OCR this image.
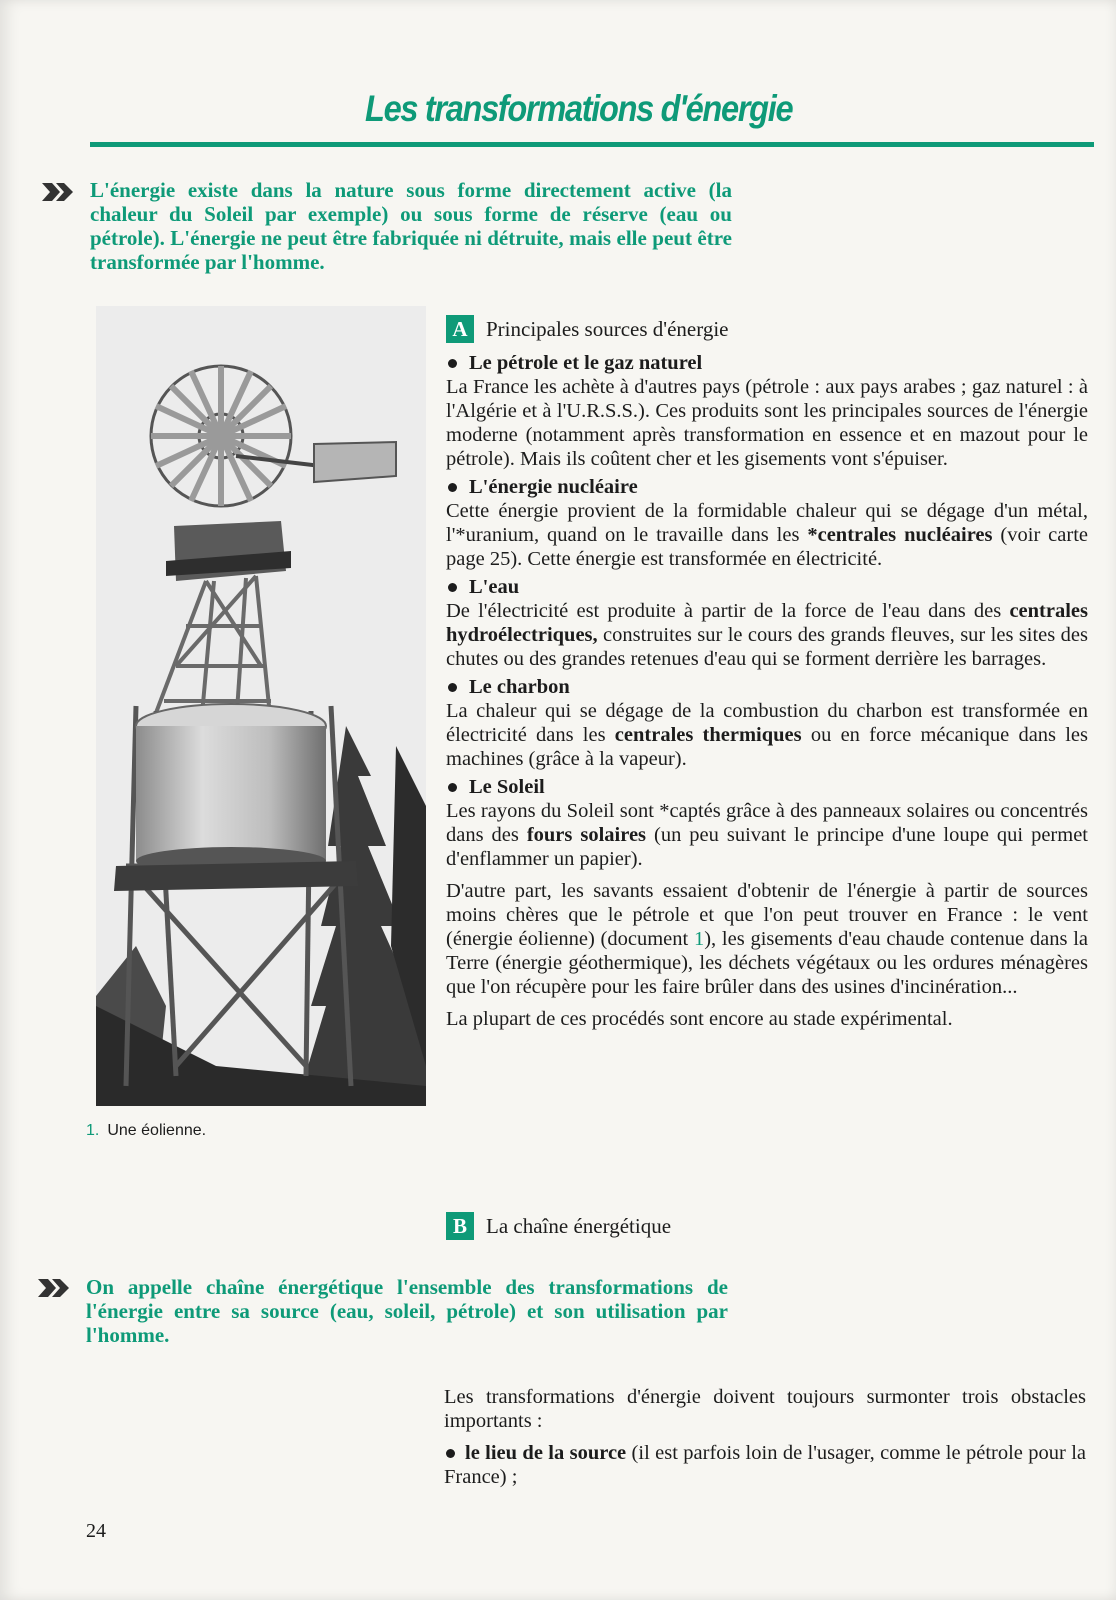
Les transformations d'énergie

L'énergie existe dans la nature sous forme directement active (la chaleur du Soleil par exemple) ou sous forme de réserve (eau ou pétrole). L'énergie ne peut être fabriquée ni détruite, mais elle peut être transformée par l'homme.

1. Une éolienne.
A Principales sources d'énergie
Le pétrole et le gaz naturel

La France les achète à d'autres pays (pétrole : aux pays arabes ; gaz naturel : à l'Algérie et à l'U.R.S.S.). Ces produits sont les principales sources de l'énergie moderne (notamment après transformation en essence et en mazout pour le pétrole). Mais ils coûtent cher et les gisements vont s'épuiser.

L'énergie nucléaire

Cette énergie provient de la formidable chaleur qui se dégage d'un métal, l'*uranium, quand on le travaille dans les *centrales nucléaires (voir carte page 25). Cette énergie est transformée en électricité.

L'eau

De l'électricité est produite à partir de la force de l'eau dans des centrales hydroélectriques, construites sur le cours des grands fleuves, sur les sites des chutes ou des grandes retenues d'eau qui se forment derrière les barrages.

Le charbon

La chaleur qui se dégage de la combustion du charbon est transformée en électricité dans les centrales thermiques ou en force mécanique dans les machines (grâce à la vapeur).

Le Soleil

Les rayons du Soleil sont *captés grâce à des panneaux solaires ou concentrés dans des fours solaires (un peu suivant le principe d'une loupe qui permet d'enflammer un papier).

D'autre part, les savants essaient d'obtenir de l'énergie à partir de sources moins chères que le pétrole et que l'on peut trouver en France : le vent (énergie éolienne) (document 1), les gisements d'eau chaude contenue dans la Terre (énergie géothermique), les déchets végétaux ou les ordures ménagères que l'on récupère pour les faire brûler dans des usines d'incinération...

La plupart de ces procédés sont encore au stade expérimental.

B La chaîne énergétique

On appelle chaîne énergétique l'ensemble des transformations de l'énergie entre sa source (eau, soleil, pétrole) et son utilisation par l'homme.

Les transformations d'énergie doivent toujours surmonter trois obstacles importants :

le lieu de la source (il est parfois loin de l'usager, comme le pétrole pour la France) ;

24
